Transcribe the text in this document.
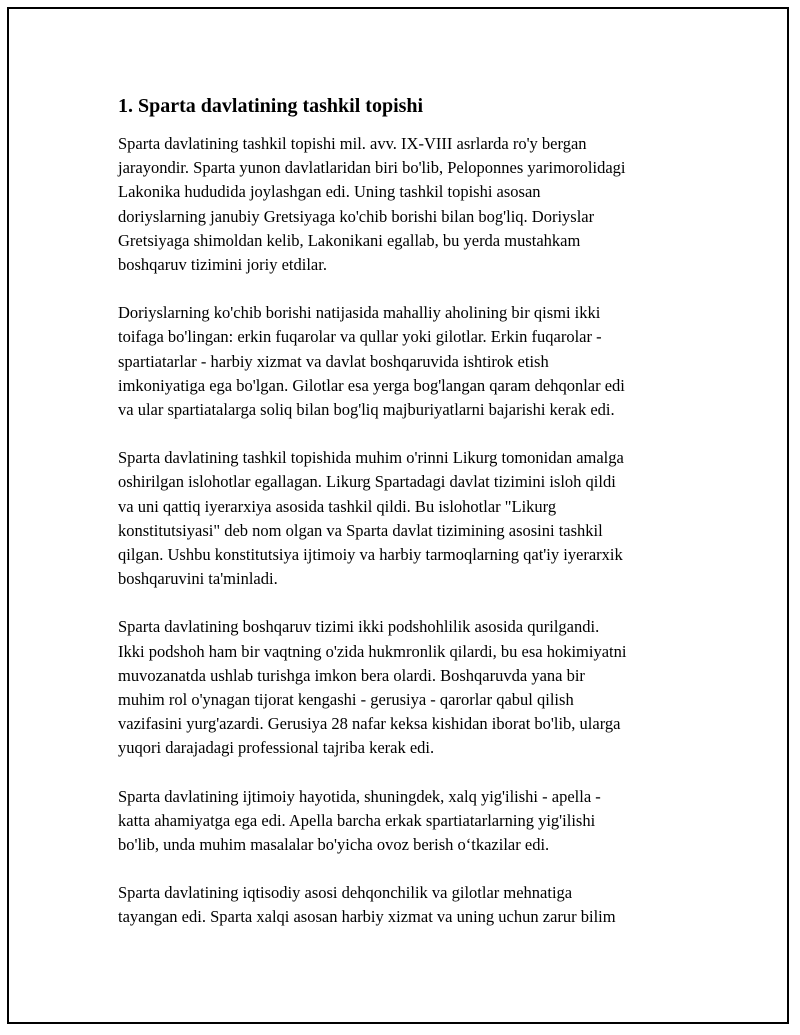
1. Sparta davlatining tashkil topishi
Sparta davlatining tashkil topishi mil. avv. IX-VIII asrlarda ro'y bergan
jarayondir. Sparta yunon davlatlaridan biri bo'lib, Peloponnes yarimorolidagi
Lakonika hududida joylashgan edi. Uning tashkil topishi asosan
doriyslarning janubiy Gretsiyaga ko'chib borishi bilan bog'liq. Doriyslar
Gretsiyaga shimoldan kelib, Lakonikani egallab, bu yerda mustahkam
boshqaruv tizimini joriy etdilar.
Doriyslarning ko'chib borishi natijasida mahalliy aholining bir qismi ikki
toifaga bo'lingan: erkin fuqarolar va qullar yoki gilotlar. Erkin fuqarolar -
spartiatarlar - harbiy xizmat va davlat boshqaruvida ishtirok etish
imkoniyatiga ega bo'lgan. Gilotlar esa yerga bog'langan qaram dehqonlar edi
va ular spartiatalarga soliq bilan bog'liq majburiyatlarni bajarishi kerak edi.
Sparta davlatining tashkil topishida muhim o'rinni Likurg tomonidan amalga
oshirilgan islohotlar egallagan. Likurg Spartadagi davlat tizimini isloh qildi
va uni qattiq iyerarxiya asosida tashkil qildi. Bu islohotlar "Likurg
konstitutsiyasi" deb nom olgan va Sparta davlat tizimining asosini tashkil
qilgan. Ushbu konstitutsiya ijtimoiy va harbiy tarmoqlarning qat'iy iyerarxik
boshqaruvini ta'minladi.
Sparta davlatining boshqaruv tizimi ikki podshohlilik asosida qurilgandi.
Ikki podshoh ham bir vaqtning o'zida hukmronlik qilardi, bu esa hokimiyatni
muvozanatda ushlab turishga imkon bera olardi. Boshqaruvda yana bir
muhim rol o'ynagan tijorat kengashi - gerusiya - qarorlar qabul qilish
vazifasini yurg'azardi. Gerusiya 28 nafar keksa kishidan iborat bo'lib, ularga
yuqori darajadagi professional tajriba kerak edi.
Sparta davlatining ijtimoiy hayotida, shuningdek, xalq yig'ilishi - apella -
katta ahamiyatga ega edi. Apella barcha erkak spartiatarlarning yig'ilishi
bo'lib, unda muhim masalalar bo'yicha ovoz berish o‘tkazilar edi.
Sparta davlatining iqtisodiy asosi dehqonchilik va gilotlar mehnatiga
tayangan edi. Sparta xalqi asosan harbiy xizmat va uning uchun zarur bilim
